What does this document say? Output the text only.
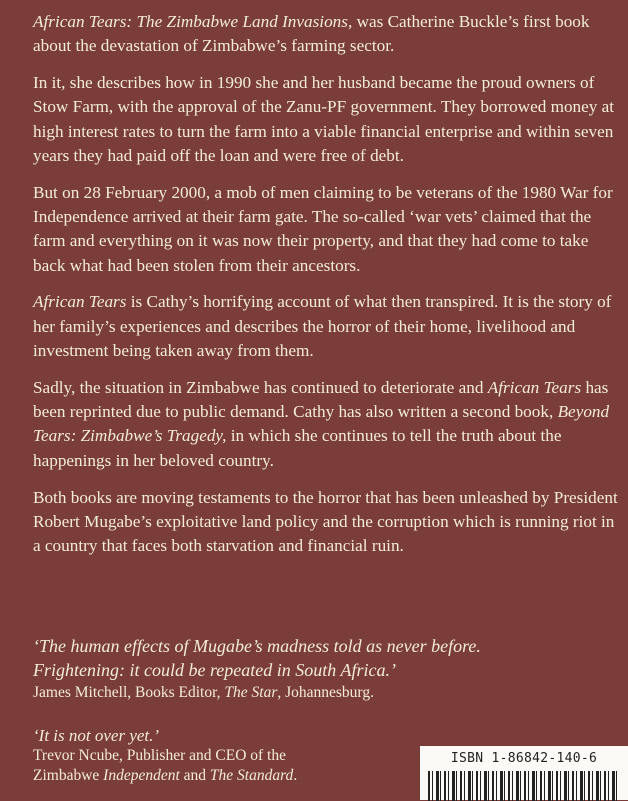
African Tears: The Zimbabwe Land Invasions, was Catherine Buckle’s first book about the devastation of Zimbabwe’s farming sector.

In it, she describes how in 1990 she and her husband became the proud owners of Stow Farm, with the approval of the Zanu-PF government. They borrowed money at high interest rates to turn the farm into a viable financial enterprise and within seven years they had paid off the loan and were free of debt.

But on 28 February 2000, a mob of men claiming to be veterans of the 1980 War for Independence arrived at their farm gate. The so-called ‘war vets’ claimed that the farm and everything on it was now their property, and that they had come to take back what had been stolen from their ancestors.

African Tears is Cathy’s horrifying account of what then transpired. It is the story of her family’s experiences and describes the horror of their home, livelihood and investment being taken away from them.

Sadly, the situation in Zimbabwe has continued to deteriorate and African Tears has been reprinted due to public demand. Cathy has also written a second book, Beyond Tears: Zimbabwe’s Tragedy, in which she continues to tell the truth about the happenings in her beloved country.

Both books are moving testaments to the horror that has been unleashed by President Robert Mugabe’s exploitative land policy and the corruption which is running riot in a country that faces both starvation and financial ruin.

‘The human effects of Mugabe’s madness told as never before.
Frightening: it could be repeated in South Africa.’
James Mitchell, Books Editor, The Star, Johannesburg.
‘It is not over yet.’
Trevor Ncube, Publisher and CEO of the
Zimbabwe Independent and The Standard.
ISBN 1-86842-140-6
